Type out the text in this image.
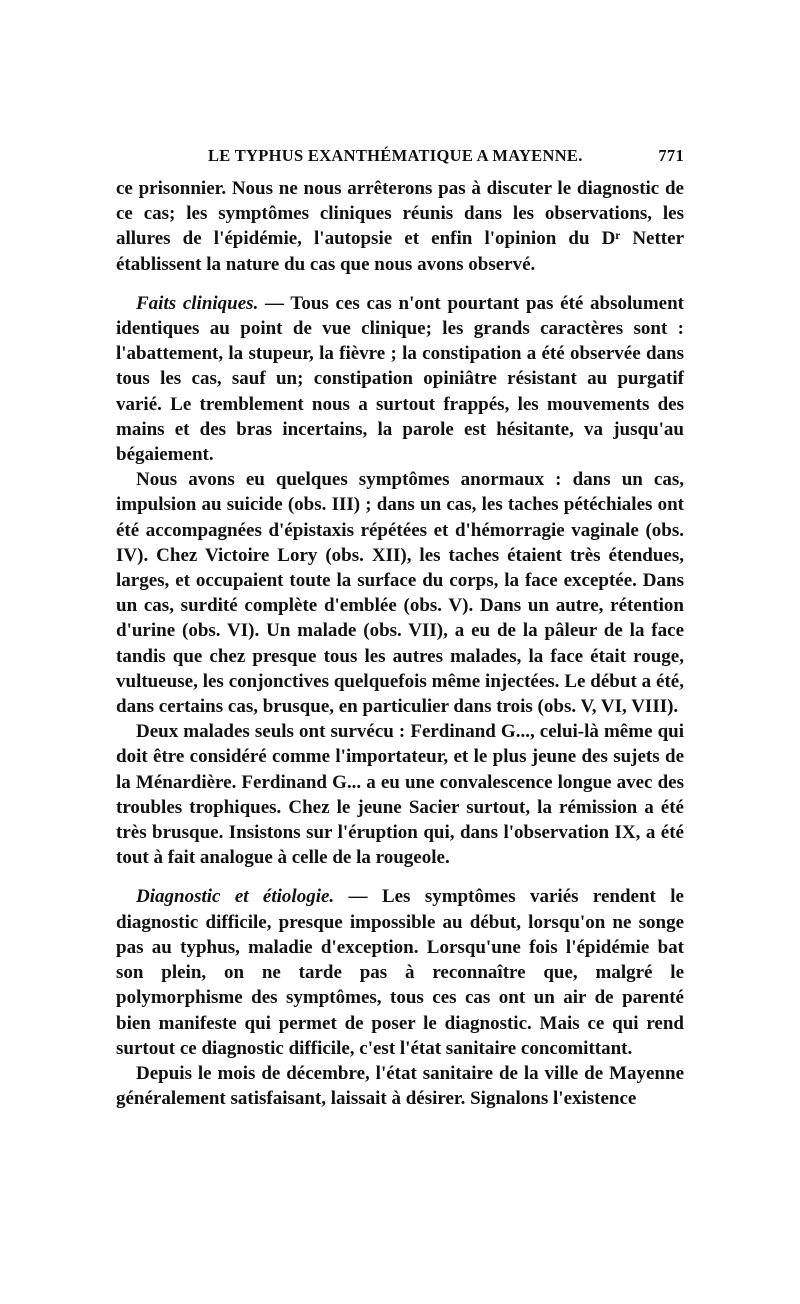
LE TYPHUS EXANTHÉMATIQUE A MAYENNE.	771

ce prisonnier. Nous ne nous arrêterons pas à discuter le diagnostic de ce cas; les symptômes cliniques réunis dans les observations, les allures de l'épidémie, l'autopsie et enfin l'opinion du Dʳ Netter établissent la nature du cas que nous avons observé.

Faits cliniques. — Tous ces cas n'ont pourtant pas été absolument identiques au point de vue clinique; les grands caractères sont : l'abattement, la stupeur, la fièvre ; la constipation a été observée dans tous les cas, sauf un; constipation opiniâtre résistant au purgatif varié. Le tremblement nous a surtout frappés, les mouvements des mains et des bras incertains, la parole est hésitante, va jusqu'au bégaiement.

Nous avons eu quelques symptômes anormaux : dans un cas, impulsion au suicide (obs. III) ; dans un cas, les taches pétéchiales ont été accompagnées d'épistaxis répétées et d'hémorragie vaginale (obs. IV). Chez Victoire Lory (obs. XII), les taches étaient très étendues, larges, et occupaient toute la surface du corps, la face exceptée. Dans un cas, surdité complète d'emblée (obs. V). Dans un autre, rétention d'urine (obs. VI). Un malade (obs. VII), a eu de la pâleur de la face tandis que chez presque tous les autres malades, la face était rouge, vultueuse, les conjonctives quelquefois même injectées. Le début a été, dans certains cas, brusque, en particulier dans trois (obs. V, VI, VIII).

Deux malades seuls ont survécu : Ferdinand G..., celui-là même qui doit être considéré comme l'importateur, et le plus jeune des sujets de la Ménardière. Ferdinand G... a eu une convalescence longue avec des troubles trophiques. Chez le jeune Sacier surtout, la rémission a été très brusque. Insistons sur l'éruption qui, dans l'observation IX, a été tout à fait analogue à celle de la rougeole.

Diagnostic et étiologie. — Les symptômes variés rendent le diagnostic difficile, presque impossible au début, lorsqu'on ne songe pas au typhus, maladie d'exception. Lorsqu'une fois l'épidémie bat son plein, on ne tarde pas à reconnaître que, malgré le polymorphisme des symptômes, tous ces cas ont un air de parenté bien manifeste qui permet de poser le diagnostic. Mais ce qui rend surtout ce diagnostic difficile, c'est l'état sanitaire concomittant.

Depuis le mois de décembre, l'état sanitaire de la ville de Mayenne généralement satisfaisant, laissait à désirer. Signalons l'existence
